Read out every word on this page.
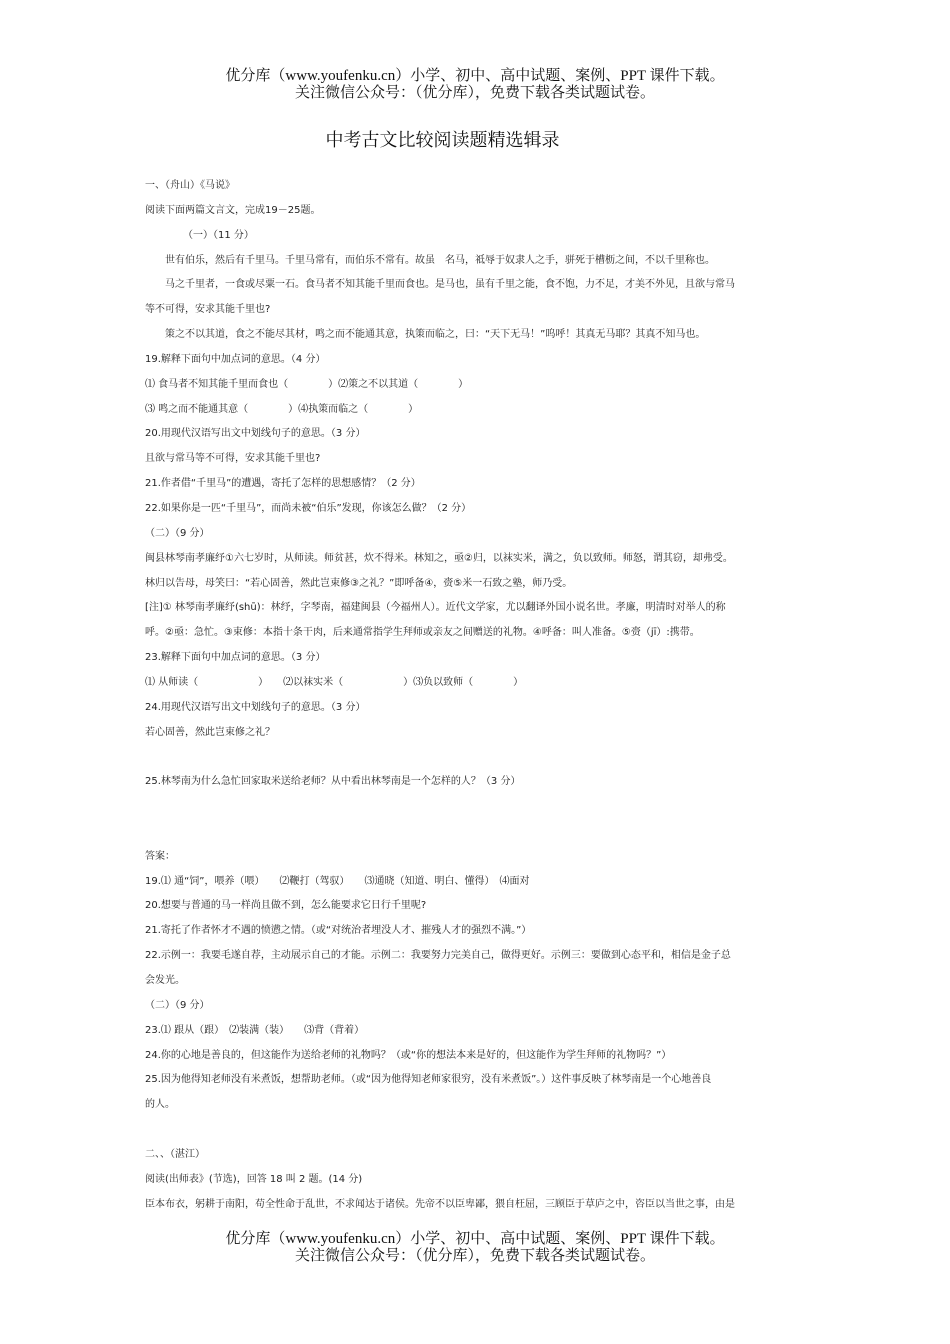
优分库（www.youfenku.cn）小学、初中、高中试题、案例、PPT 课件下载。
关注微信公众号：（优分库），免费下载各类试题试卷。
中考古文比较阅读题精选辑录

一、（舟山）《马说》

阅读下面两篇文言文，完成19－25题。

（一）（11 分）

世有伯乐，然后有千里马。千里马常有，而伯乐不常有。故虽　名马，祗辱于奴隶人之手，骈死于槽枥之间，不以千里称也。

马之千里者，一食或尽粟一石。食马者不知其能千里而食也。是马也，虽有千里之能，食不饱，力不足，才美不外见，且欲与常马

等不可得，安求其能千里也?

策之不以其道，食之不能尽其材，鸣之而不能通其意，执策而临之，曰：“天下无马！”呜呼！其真无马耶？其真不知马也。

19.解释下面句中加点词的意思。（4 分）

⑴ 食马者不知其能千里而食也（　　　　）⑵策之不以其道（　　　　）

⑶ 鸣之而不能通其意（　　　　）⑷执策而临之（　　　　）

20.用现代汉语写出文中划线句子的意思。（3 分）

且欲与常马等不可得，安求其能千里也?

21.作者借“千里马”的遭遇，寄托了怎样的思想感情？（2 分）

22.如果你是一匹“千里马”，而尚未被“伯乐”发现，你该怎么做？（2 分）

（二）（9 分）

闽县林琴南孝廉纾①六七岁时，从师读。师贫甚，炊不得米。林知之，亟②归，以袜实米，满之，负以致师。师怒，谓其窃，却弗受。

林归以告母，母笑曰：“若心固善，然此岂束修③之礼？”即呼备④，赍⑤米一石致之塾，师乃受。

[注]① 林琴南孝廉纾(shū)：林纾，字琴南，福建闽县（今福州人）。近代文学家，尤以翻译外国小说名世。孝廉，明清时对举人的称

呼。②亟：急忙。③束修：本指十条干肉，后来通常指学生拜师或亲友之间赠送的礼物。④呼备：叫人准备。⑤赍（jī）:携带。

23.解释下面句中加点词的意思。（3 分）

⑴ 从师读（　　　　　　）　　⑵以袜实米（　　　　　　）⑶负以致师（　　　　）

24.用现代汉语写出文中划线句子的意思。（3 分）

若心固善，然此岂束修之礼？

25.林琴南为什么急忙回家取米送给老师？从中看出林琴南是一个怎样的人？（3 分）

答案：

19.⑴ 通“饲”，喂养（喂）　　⑵鞭打（驾驭）　　⑶通晓（知道、明白、懂得）　⑷面对

20.想要与普通的马一样尚且做不到，怎么能要求它日行千里呢?

21.寄托了作者怀才不遇的愤懑之情。（或“对统治者埋没人才、摧残人才的强烈不满。”）

22.示例一：我要毛遂自荐，主动展示自己的才能。示例二：我要努力完美自己，做得更好。示例三：要做到心态平和，相信是金子总

会发光。

（二）（9 分）

23.⑴ 跟从（跟）　⑵装满（装）　　⑶背（背着）

24.你的心地是善良的，但这能作为送给老师的礼物吗？（或“你的想法本来是好的，但这能作为学生拜师的礼物吗？”）

25.因为他得知老师没有米煮饭，想帮助老师。（或“因为他得知老师家很穷，没有米煮饭”。）这件事反映了林琴南是一个心地善良

的人。

二、、（湛江）

阅读(出师表》(节选)，回答 18 叫 2 题。(14 分)

臣本布衣，躬耕于南阳，苟全性命于乱世，不求闻达于诸侯。先帝不以臣卑鄙，猥自枉屈，三顾臣于草庐之中，咨臣以当世之事，由是

优分库（www.youfenku.cn）小学、初中、高中试题、案例、PPT 课件下载。
关注微信公众号：（优分库），免费下载各类试题试卷。
